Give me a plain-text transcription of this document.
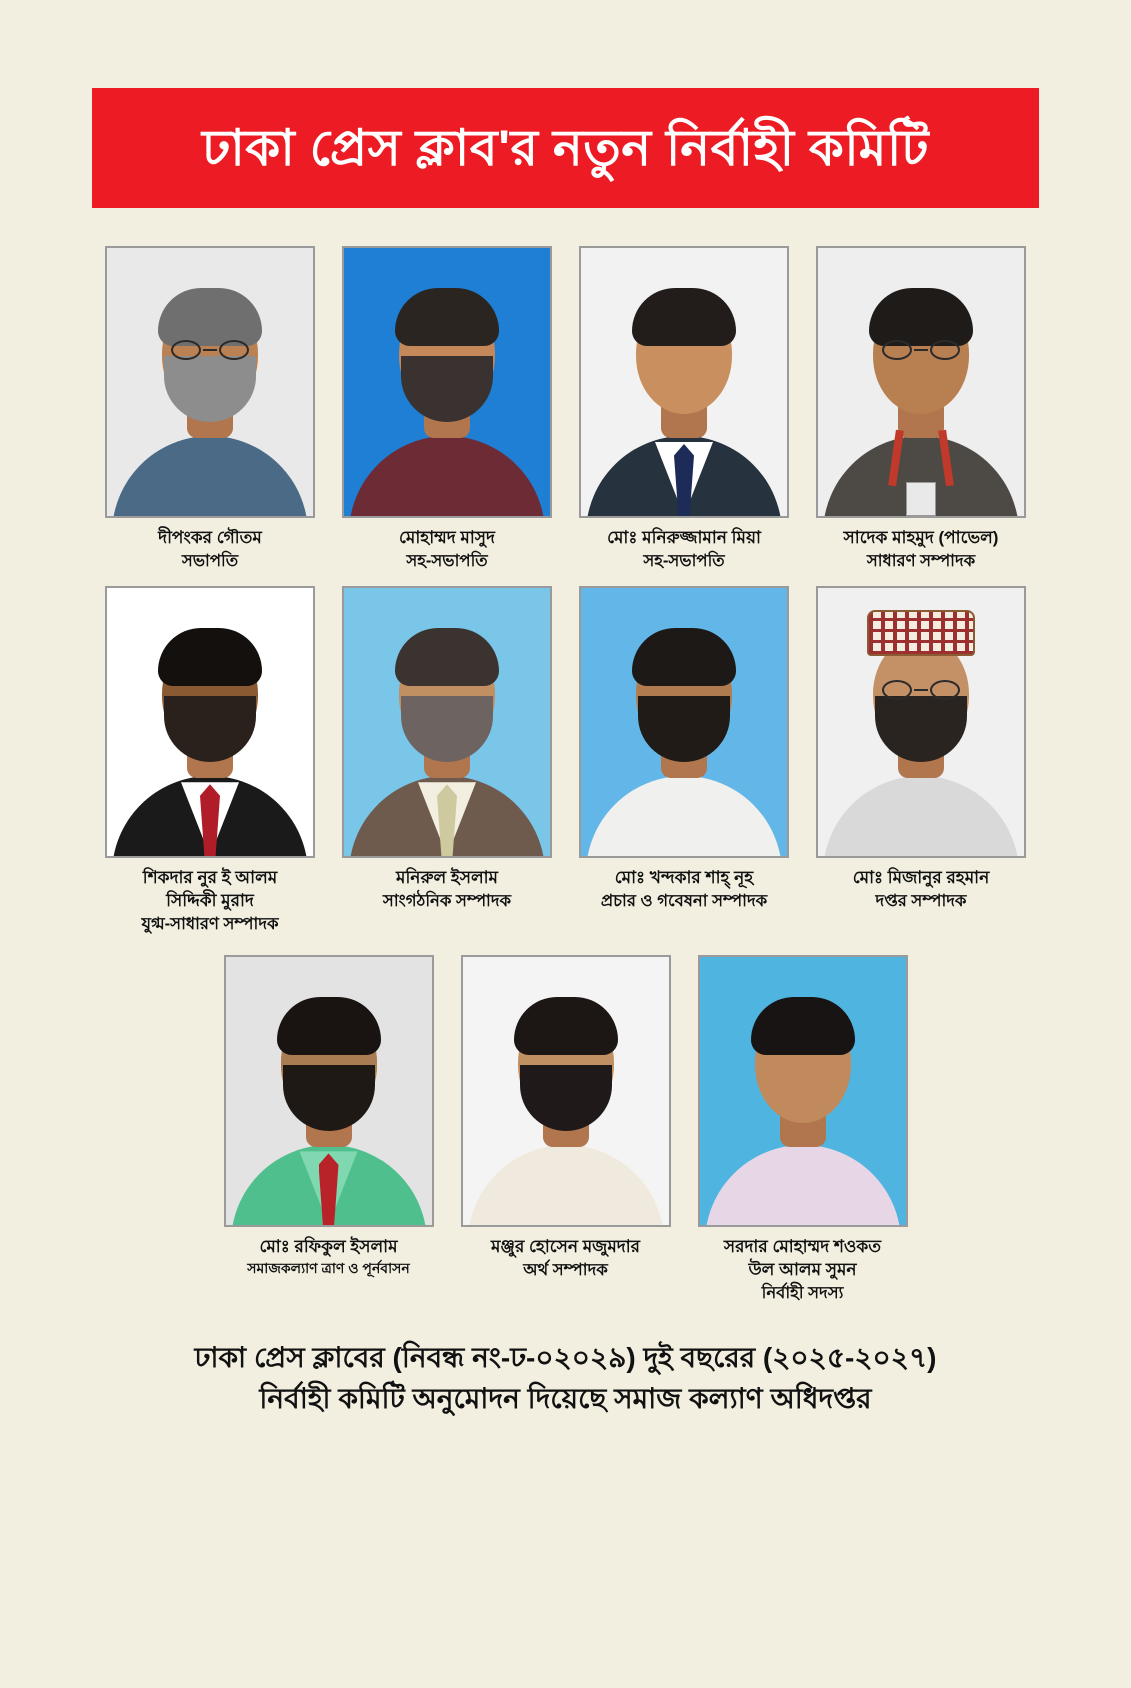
ঢাকা প্রেস ক্লাব'র নতুন নির্বাহী কমিটি
দীপংকর গৌতম
সভাপতি
মোহাম্মদ মাসুদ
সহ-সভাপতি
মোঃ মনিরুজ্জামান মিয়া
সহ-সভাপতি
সাদেক মাহমুদ (পাভেল)
সাধারণ সম্পাদক
শিকদার নুর ই আলম
সিদ্দিকী মুরাদ
যুগ্ম-সাধারণ সম্পাদক
মনিরুল ইসলাম
সাংগঠনিক সম্পাদক
মোঃ খন্দকার শাহ্ নূহ
প্রচার ও গবেষনা সম্পাদক
মোঃ মিজানুর রহমান
দপ্তর সম্পাদক
মোঃ রফিকুল ইসলাম
সমাজকল্যাণ ত্রাণ ও পূর্নবাসন
মঞ্জুর হোসেন মজুমদার
অর্থ সম্পাদক
সরদার মোহাম্মদ শওকত
উল আলম সুমন
নির্বাহী সদস্য
ঢাকা প্রেস ক্লাবের (নিবন্ধ নং-ঢ-০২০২৯) দুই বছরের (২০২৫-২০২৭)
নির্বাহী কমিটি অনুমোদন দিয়েছে সমাজ কল্যাণ অধিদপ্তর
